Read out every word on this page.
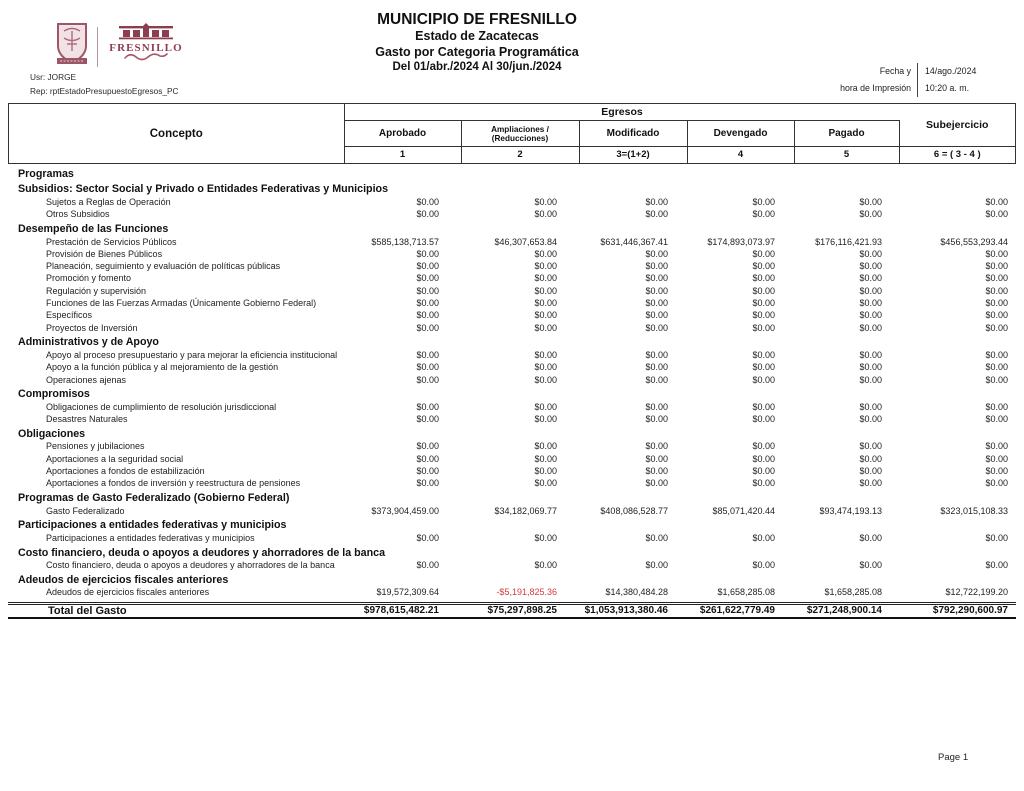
FRESNILLO
Usr: JORGE
Rep: rptEstadoPresupuestoEgresos_PC
MUNICIPIO DE FRESNILLO
Estado de Zacatecas
Gasto por Categoria Programática
Del 01/abr./2024 Al 30/jun./2024	Fecha y
hora de Impresión
14/ago./2024
10:20 a. m.
Concepto
Egresos
Aprobado	Ampliaciones / (Reducciones)	Modificado	Devengado	Pagado
1	2	3=(1+2)	4	5
Subejercicio
6 = ( 3 - 4 )
Programas
Subsidios: Sector Social y Privado o Entidades Federativas y Municipios
Sujetos a Reglas de Operación	$0.00	$0.00	$0.00	$0.00	$0.00	$0.00
Otros Subsidios	$0.00	$0.00	$0.00	$0.00	$0.00	$0.00
Desempeño de las Funciones
Prestación de Servicios Públicos	$585,138,713.57	$46,307,653.84	$631,446,367.41	$174,893,073.97	$176,116,421.93	$456,553,293.44
Provisión de Bienes Públicos	$0.00	$0.00	$0.00	$0.00	$0.00	$0.00
Planeación, seguimiento y evaluación de políticas públicas	$0.00	$0.00	$0.00	$0.00	$0.00	$0.00
Promoción y fomento	$0.00	$0.00	$0.00	$0.00	$0.00	$0.00
Regulación y supervisión	$0.00	$0.00	$0.00	$0.00	$0.00	$0.00
Funciones de las Fuerzas Armadas (Únicamente Gobierno Federal)	$0.00	$0.00	$0.00	$0.00	$0.00	$0.00
Específicos	$0.00	$0.00	$0.00	$0.00	$0.00	$0.00
Proyectos de Inversión	$0.00	$0.00	$0.00	$0.00	$0.00	$0.00
Administrativos y de Apoyo
Apoyo al proceso presupuestario y para mejorar la eficiencia institucional	$0.00	$0.00	$0.00	$0.00	$0.00	$0.00
Apoyo a la función pública y al mejoramiento de la gestión	$0.00	$0.00	$0.00	$0.00	$0.00	$0.00
Operaciones ajenas	$0.00	$0.00	$0.00	$0.00	$0.00	$0.00
Compromisos
Obligaciones de cumplimiento de resolución jurisdiccional	$0.00	$0.00	$0.00	$0.00	$0.00	$0.00
Desastres Naturales	$0.00	$0.00	$0.00	$0.00	$0.00	$0.00
Obligaciones
Pensiones y jubilaciones	$0.00	$0.00	$0.00	$0.00	$0.00	$0.00
Aportaciones a la seguridad social	$0.00	$0.00	$0.00	$0.00	$0.00	$0.00
Aportaciones a fondos de estabilización	$0.00	$0.00	$0.00	$0.00	$0.00	$0.00
Aportaciones a fondos de inversión y reestructura de pensiones	$0.00	$0.00	$0.00	$0.00	$0.00	$0.00
Programas de Gasto Federalizado (Gobierno Federal)
Gasto Federalizado	$373,904,459.00	$34,182,069.77	$408,086,528.77	$85,071,420.44	$93,474,193.13	$323,015,108.33
Participaciones a entidades federativas y municipios
Participaciones a entidades federativas y municipios	$0.00	$0.00	$0.00	$0.00	$0.00	$0.00
Costo financiero, deuda o apoyos a deudores y ahorradores de la banca
Costo financiero, deuda o apoyos a deudores y ahorradores de la banca	$0.00	$0.00	$0.00	$0.00	$0.00	$0.00
Adeudos de ejercicios fiscales anteriores
Adeudos de ejercicios fiscales anteriores	$19,572,309.64	-$5,191,825.36	$14,380,484.28	$1,658,285.08	$1,658,285.08	$12,722,199.20
Total del Gasto	$978,615,482.21	$75,297,898.25	$1,053,913,380.46	$261,622,779.49	$271,248,900.14	$792,290,600.97
Page 1
